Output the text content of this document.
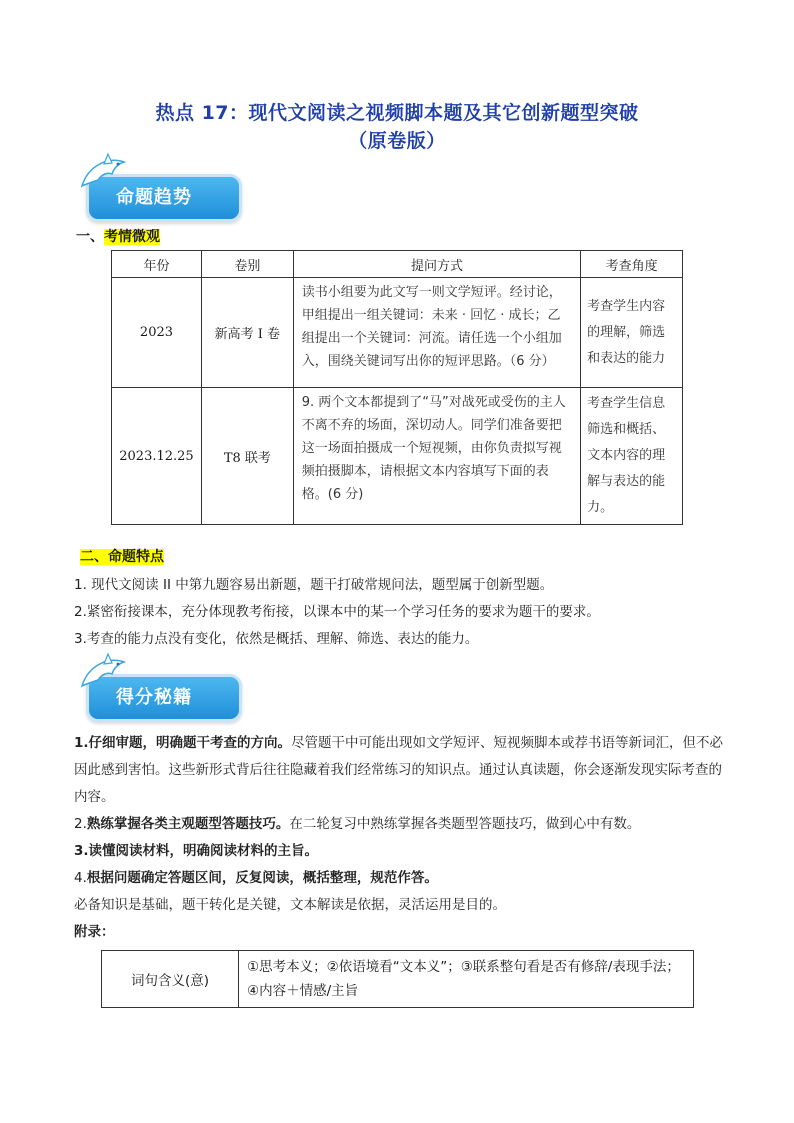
热点 17：现代文阅读之视频脚本题及其它创新题型突破
（原卷版）
命题趋势
一、考情微观
年份	卷别	提问方式	考查角度
2023	新高考 I 卷	读书小组要为此文写一则文学短评。经讨论，甲组提出一组关键词：未来 · 回忆 · 成长；乙组提出一个关键词：河流。请任选一个小组加入，围绕关键词写出你的短评思路。（6 分）	考查学生内容的理解，筛选和表达的能力
2023.12.25	T8 联考	9. 两个文本都提到了“马”对战死或受伤的主人不离不弃的场面，深切动人。同学们准备要把这一场面拍摄成一个短视频，由你负责拟写视频拍摄脚本，请根据文本内容填写下面的表格。(6 分)	考查学生信息筛选和概括、文本内容的理解与表达的能力。
二、命题特点
1. 现代文阅读 II 中第九题容易出新题，题干打破常规问法，题型属于创新型题。
2.紧密衔接课本，充分体现教考衔接，以课本中的某一个学习任务的要求为题干的要求。
3.考查的能力点没有变化，依然是概括、理解、筛选、表达的能力。
得分秘籍
1.仔细审题，明确题干考查的方向。尽管题干中可能出现如文学短评、短视频脚本或荐书语等新词汇，但不必因此感到害怕。这些新形式背后往往隐藏着我们经常练习的知识点。通过认真读题，你会逐渐发现实际考查的内容。
2.熟练掌握各类主观题型答题技巧。在二轮复习中熟练掌握各类题型答题技巧，做到心中有数。
3.读懂阅读材料，明确阅读材料的主旨。
4.根据问题确定答题区间，反复阅读，概括整理，规范作答。
必备知识是基础，题干转化是关键，文本解读是依据，灵活运用是目的。
附录：
词句含义(意)	①思考本义；②依语境看“文本义”；③联系整句看是否有修辞/表现手法；④内容＋情感/主旨
